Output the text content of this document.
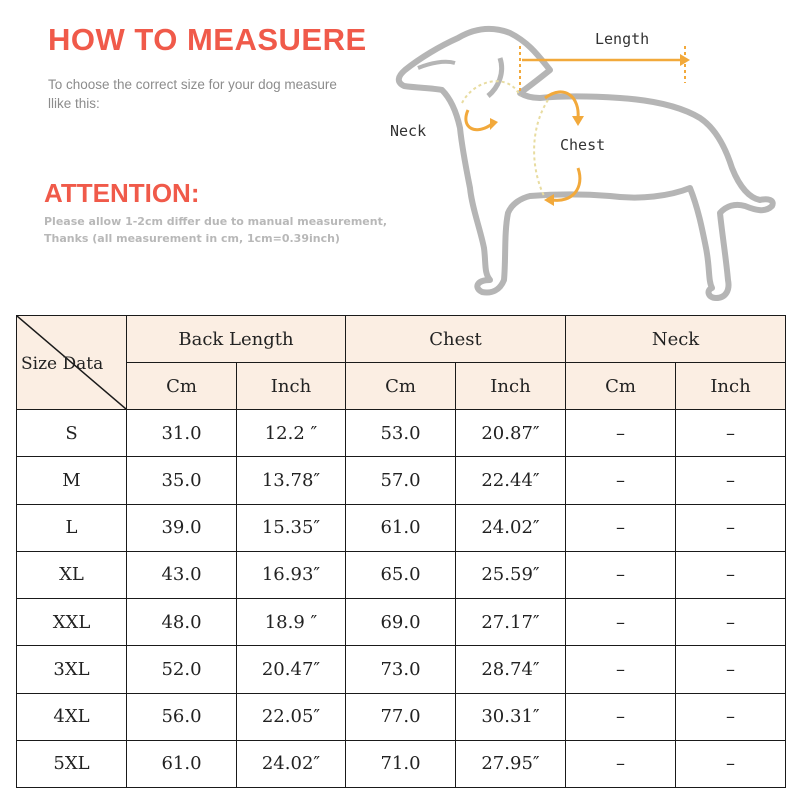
HOW TO MEASUERE
To choose the correct size for your dog measure llike this:
ATTENTION:
Please allow 1-2cm differ due to manual measurement, Thanks (all measurement in cm, 1cm=0.39inch)
Length
Neck
Chest
Size Data	Back Length		Chest		Neck	
	Cm	Inch	Cm	Inch	Cm	Inch
S	31.0	12.2 ″	53.0	20.87″	–	–
M	35.0	13.78″	57.0	22.44″	–	–
L	39.0	15.35″	61.0	24.02″	–	–
XL	43.0	16.93″	65.0	25.59″	–	–
XXL	48.0	18.9 ″	69.0	27.17″	–	–
3XL	52.0	20.47″	73.0	28.74″	–	–
4XL	56.0	22.05″	77.0	30.31″	–	–
5XL	61.0	24.02″	71.0	27.95″	–	–
